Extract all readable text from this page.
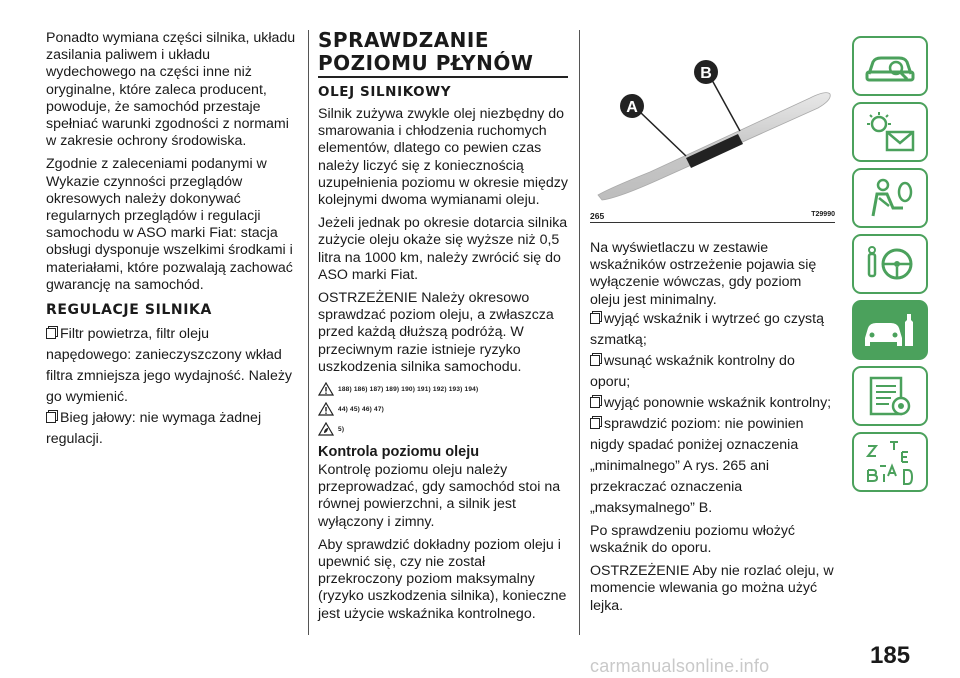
Ponadto wymiana części silnika, układu zasilania paliwem i układu wydechowego na części inne niż oryginalne, które zaleca producent, powoduje, że samochód przestaje spełniać warunki zgodności z normami w zakresie ochrony środowiska.

Zgodnie z zaleceniami podanymi w Wykazie czynności przeglądów okresowych należy dokonywać regularnych przeglądów i regulacji samochodu w ASO marki Fiat: stacja obsługi dysponuje wszelkimi środkami i materiałami, które pozwalają zachować gwarancję na samochód.

REGULACJE SILNIKA
Filtr powietrza, filtr oleju napędowego: zanieczyszczony wkład filtra zmniejsza jego wydajność. Należy go wymienić.
Bieg jałowy: nie wymaga żadnej regulacji.
SPRAWDZANIE
POZIOMU PŁYNÓW
OLEJ SILNIKOWY

Silnik zużywa zwykle olej niezbędny do smarowania i chłodzenia ruchomych elementów, dlatego co pewien czas należy liczyć się z koniecznością uzupełnienia poziomu w okresie między kolejnymi dwoma wymianami oleju.

Jeżeli jednak po okresie dotarcia silnika zużycie oleju okaże się wyższe niż 0,5 litra na 1000 km, należy zwrócić się do ASO marki Fiat.

OSTRZEŻENIE Należy okresowo sprawdzać poziom oleju, a zwłaszcza przed każdą dłuższą podróżą. W przeciwnym razie istnieje ryzyko uszkodzenia silnika samochodu.

188) 186) 187) 189) 190) 191) 192) 193) 194)
44) 45) 46) 47)
5)
Kontrola poziomu oleju

Kontrolę poziomu oleju należy przeprowadzać, gdy samochód stoi na równej powierzchni, a silnik jest wyłączony i zimny.

Aby sprawdzić dokładny poziom oleju i upewnić się, czy nie został przekroczony poziom maksymalny (ryzyko uszkodzenia silnika), konieczne jest użycie wskaźnika kontrolnego.

A
B
265	T29990

Na wyświetlaczu w zestawie wskaźników ostrzeżenie pojawia się wyłączenie wówczas, gdy poziom oleju jest minimalny.

wyjąć wskaźnik i wytrzeć go czystą szmatką;
wsunąć wskaźnik kontrolny do oporu;
wyjąć ponownie wskaźnik kontrolny;
sprawdzić poziom: nie powinien nigdy spadać poniżej oznaczenia „minimalnego” A rys. 265 ani przekraczać oznaczenia „maksymalnego” B.

Po sprawdzeniu poziomu włożyć wskaźnik do oporu.

OSTRZEŻENIE Aby nie rozlać oleju, w momencie wlewania go można użyć lejka.

185
carmanualsonline.info
